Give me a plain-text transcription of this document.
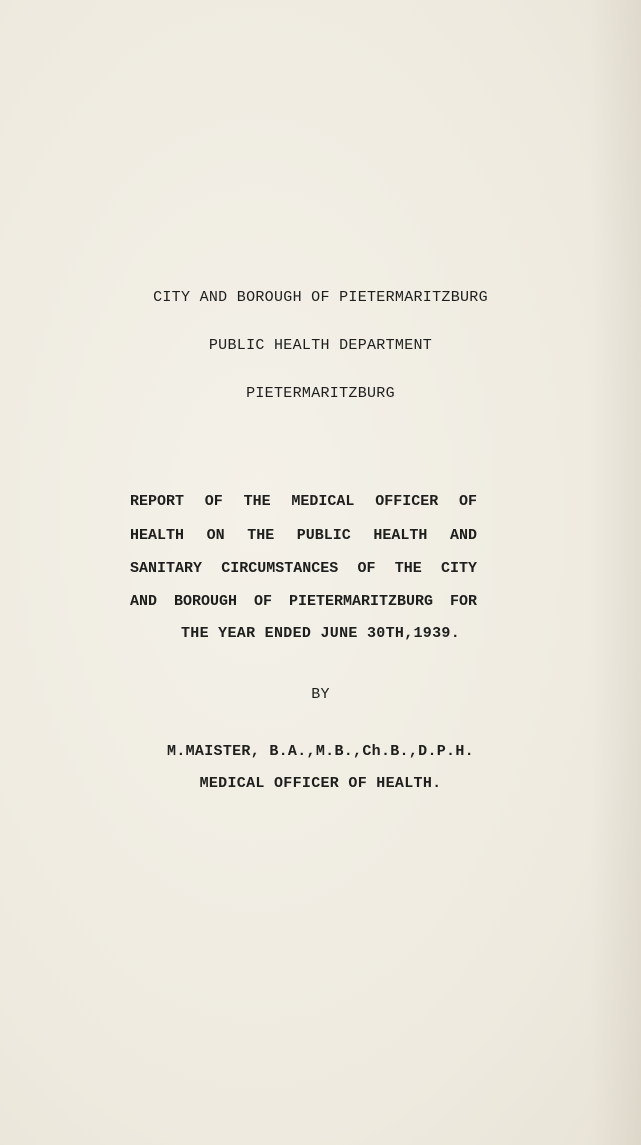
CITY AND BOROUGH OF PIETERMARITZBURG
PUBLIC HEALTH DEPARTMENT
PIETERMARITZBURG
REPORT OF THE MEDICAL OFFICER OF
HEALTH ON THE PUBLIC HEALTH AND
SANITARY CIRCUMSTANCES OF THE CITY
AND BOROUGH OF PIETERMARITZBURG FOR
THE YEAR ENDED JUNE 30TH,1939.
BY
M.MAISTER, B.A.,M.B.,Ch.B.,D.P.H.
MEDICAL OFFICER OF HEALTH.
